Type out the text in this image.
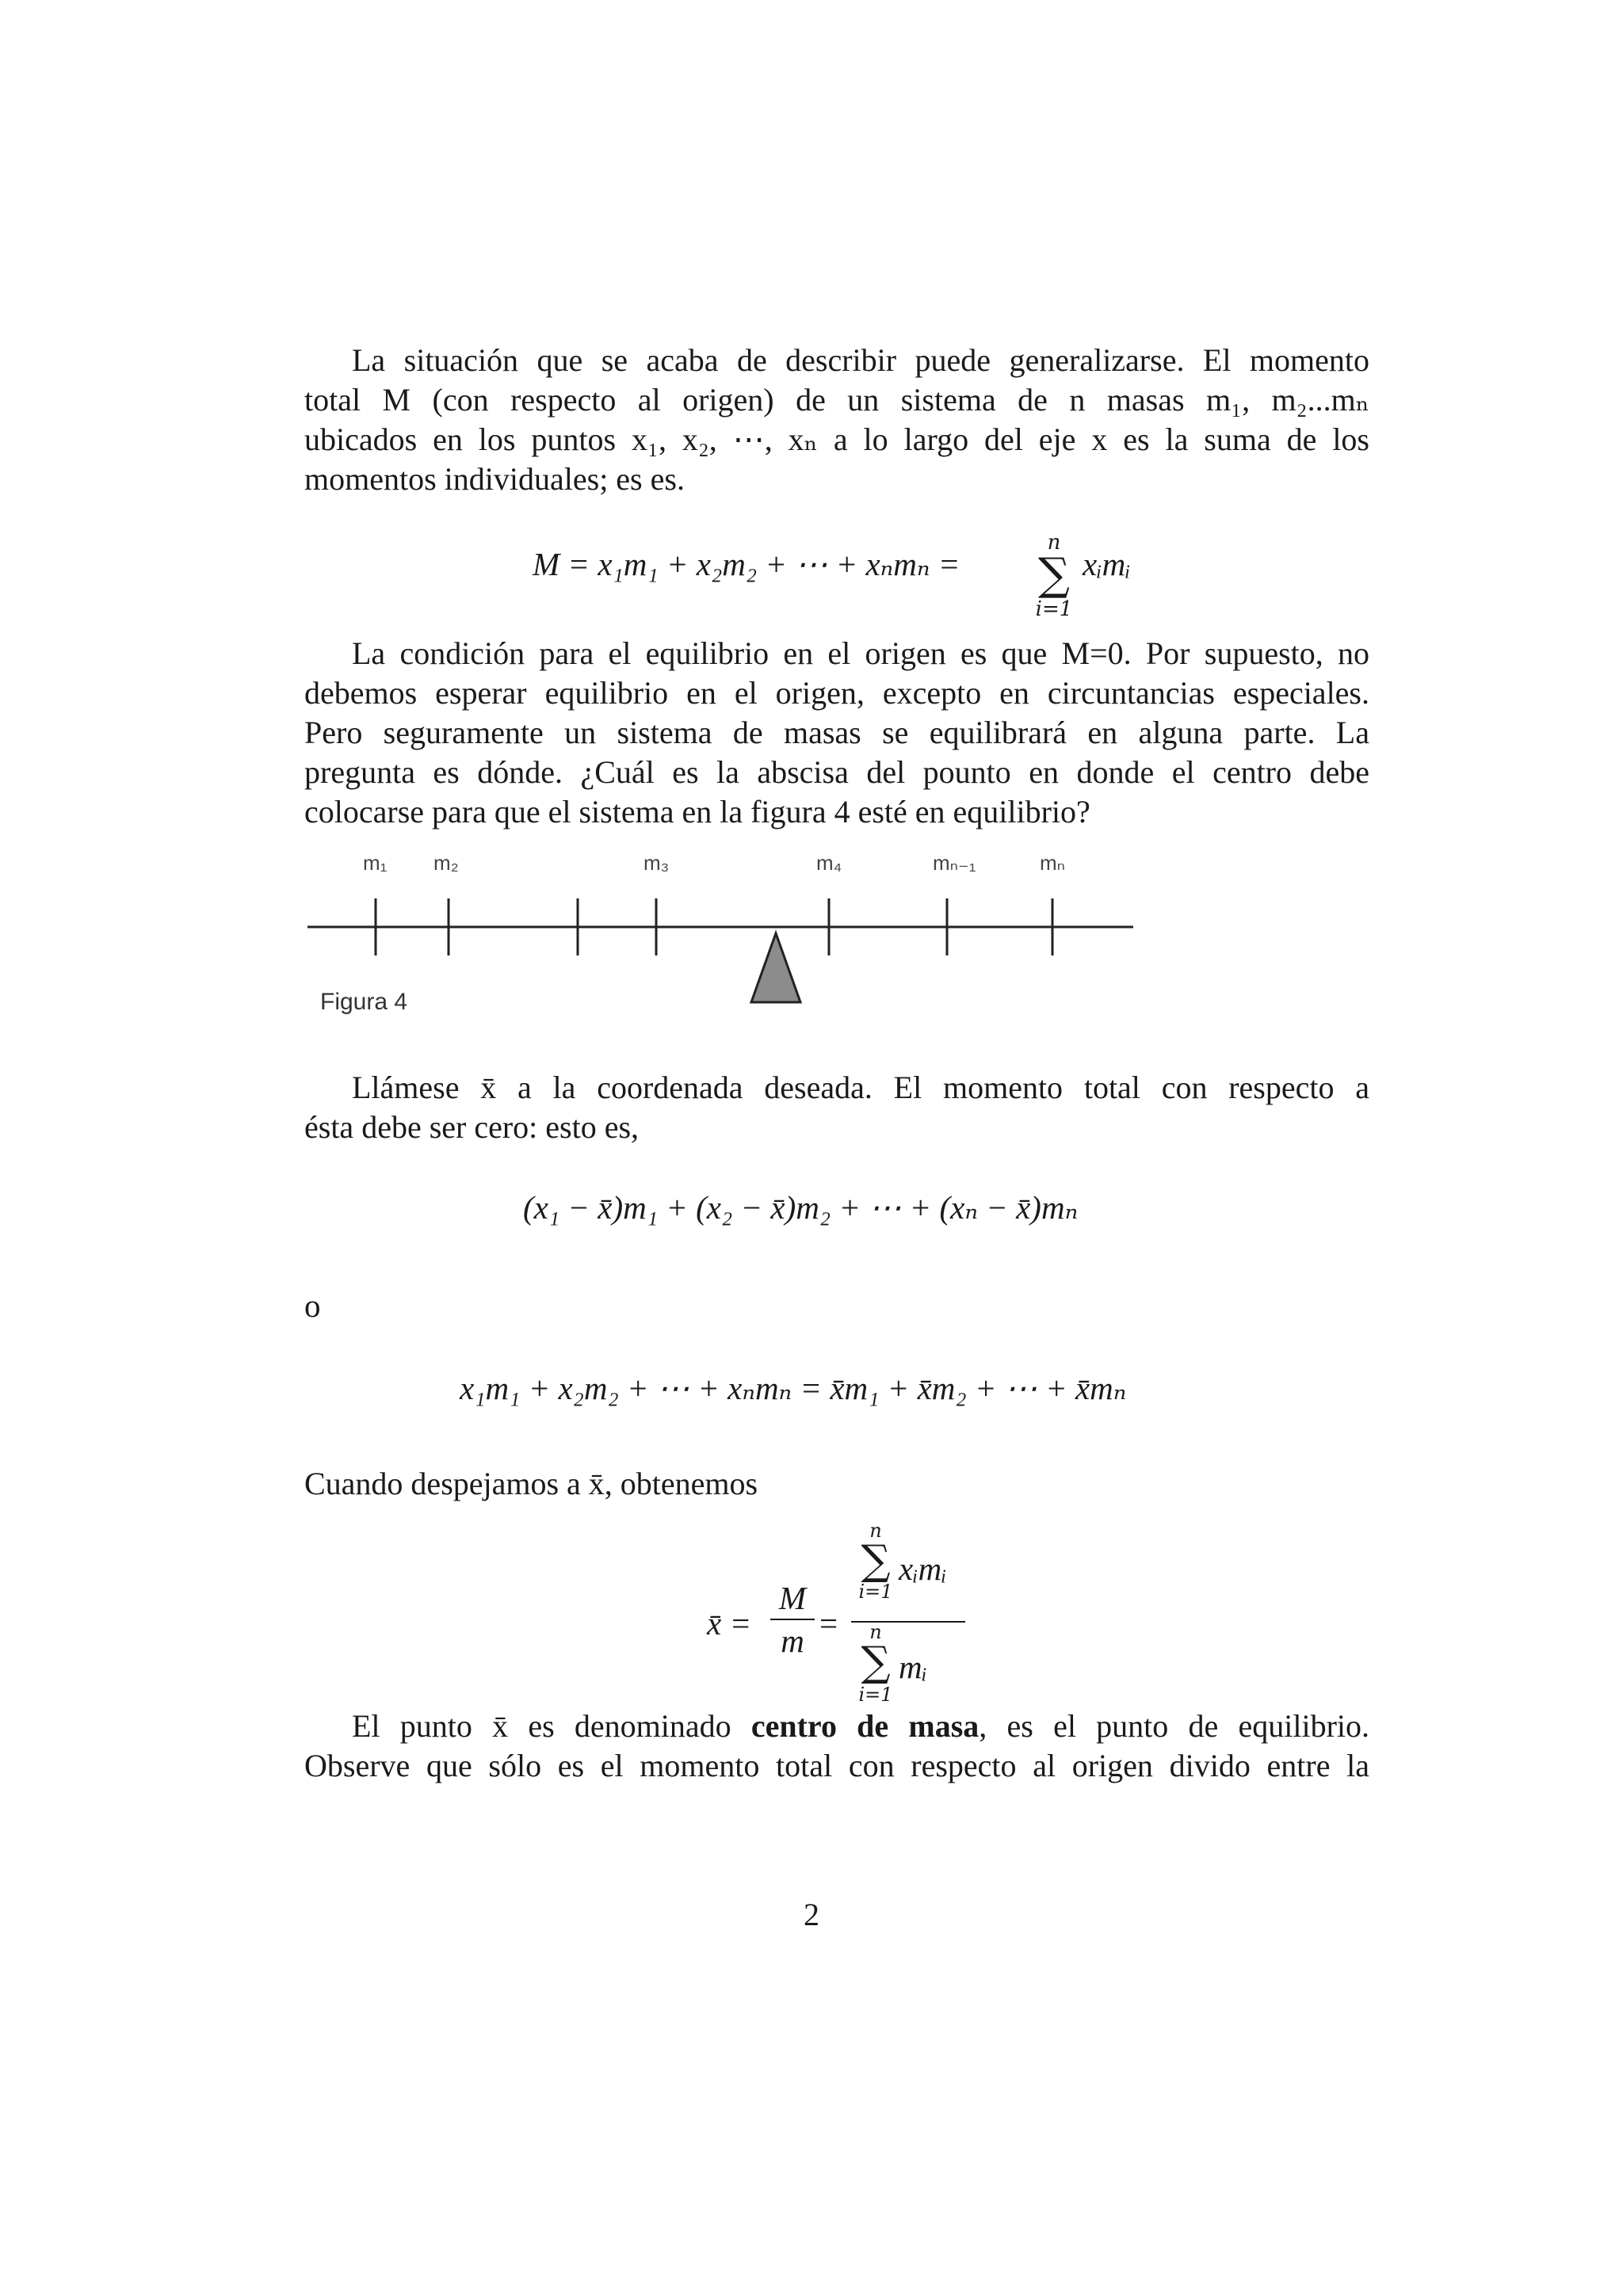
La situación que se acaba de describir puede generalizarse. El momento
total M (con respecto al origen) de un sistema de n masas m₁, m₂...mₙ
ubicados en los puntos x₁, x₂, ⋯, xₙ a lo largo del eje x es la suma de los
momentos individuales; es es.
M = x₁m₁ + x₂m₂ + ⋯ + xₙmₙ =
n
∑
i=1
xᵢmᵢ
La condición para el equilibrio en el origen es que M=0. Por supuesto, no
debemos esperar equilibrio en el origen, excepto en circuntancias especiales.
Pero seguramente un sistema de masas se equilibrará en alguna parte. La
pregunta es dónde. ¿Cuál es la abscisa del pounto en donde el centro debe
colocarse para que el sistema en la figura 4 esté en equilibrio?
m₁ m₂	m₃	m₄	mₙ₋₁	mₙ
Figura 4
Llámese x̄ a la coordenada deseada. El momento total con respecto a
ésta debe ser cero: esto es,
(x₁ − x̄)m₁ + (x₂ − x̄)m₂ + ⋯ + (xₙ − x̄)mₙ
o
x₁m₁ + x₂m₂ + ⋯ + xₙmₙ = x̄m₁ + x̄m₂ + ⋯ + x̄mₙ
Cuando despejamos a x̄, obtenemos
x̄ =
M
m =
n
∑
i=1
xᵢmᵢ
n
∑
i=1
mᵢ
El punto x̄ es denominado centro de masa, es el punto de equilibrio.
Observe que sólo es el momento total con respecto al origen divido entre la
2
